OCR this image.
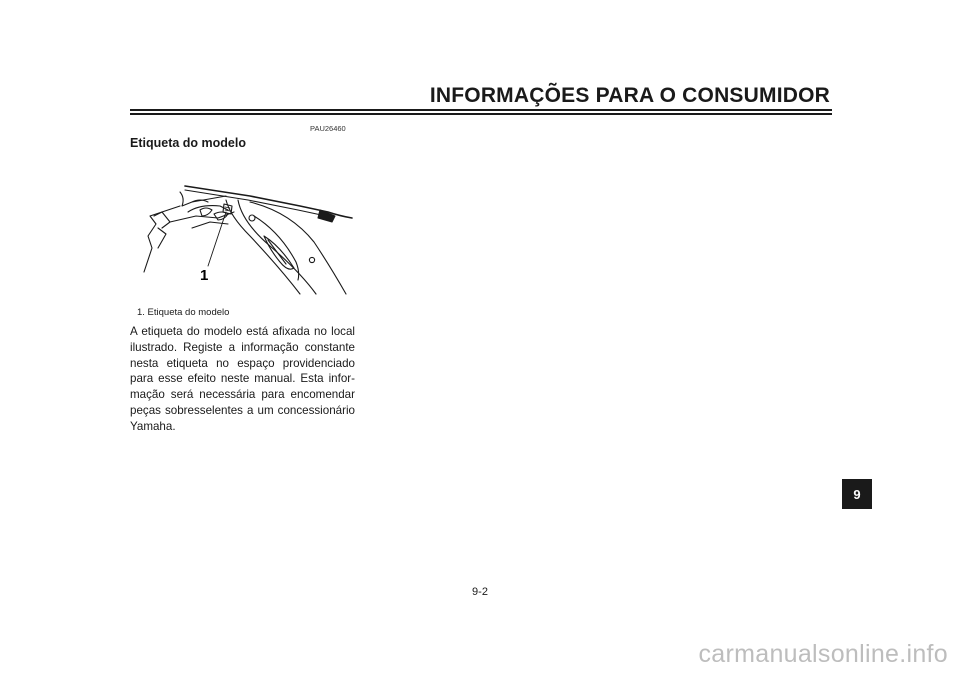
INFORMAÇÕES PARA O CONSUMIDOR
PAU26460
Etiqueta do modelo
1
1. Etiqueta do modelo

A etiqueta do modelo está afixada no local ilustrado. Registe a informação constante nesta etiqueta no espaço providenciado para esse efeito neste manual. Esta infor-mação será necessária para encomendar peças sobresselentes a um concessionário Yamaha.

9
9-2
carmanualsonline.info
